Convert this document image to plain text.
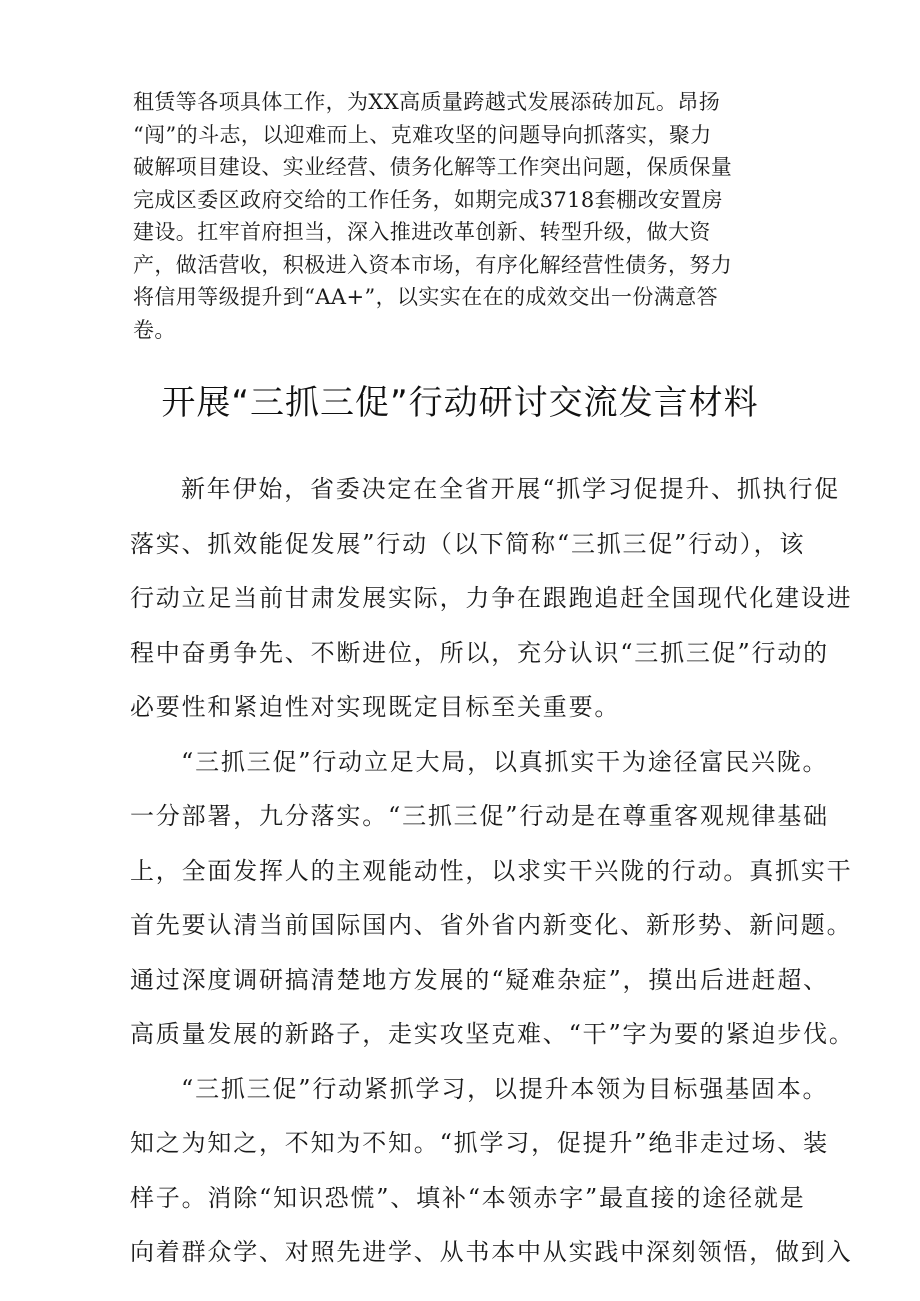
租赁等各项具体工作，为XX高质量跨越式发展添砖加瓦。昂扬
“闯”的斗志，以迎难而上、克难攻坚的问题导向抓落实，聚力
破解项目建设、实业经营、债务化解等工作突出问题，保质保量
完成区委区政府交给的工作任务，如期完成3718套棚改安置房
建设。扛牢首府担当，深入推进改革创新、转型升级，做大资
产，做活营收，积极进入资本市场，有序化解经营性债务，努力
将信用等级提升到“AA+”，以实实在在的成效交出一份满意答
卷。
开展“三抓三促”行动研讨交流发言材料
新年伊始，省委决定在全省开展“抓学习促提升、抓执行促
落实、抓效能促发展”行动（以下简称“三抓三促”行动），该
行动立足当前甘肃发展实际，力争在跟跑追赶全国现代化建设进
程中奋勇争先、不断进位，所以，充分认识“三抓三促”行动的
必要性和紧迫性对实现既定目标至关重要。
“三抓三促”行动立足大局，以真抓实干为途径富民兴陇。
一分部署，九分落实。“三抓三促”行动是在尊重客观规律基础
上，全面发挥人的主观能动性，以求实干兴陇的行动。真抓实干
首先要认清当前国际国内、省外省内新变化、新形势、新问题。
通过深度调研搞清楚地方发展的“疑难杂症”，摸出后进赶超、
高质量发展的新路子，走实攻坚克难、“干”字为要的紧迫步伐。
“三抓三促”行动紧抓学习，以提升本领为目标强基固本。
知之为知之，不知为不知。“抓学习，促提升”绝非走过场、装
样子。消除“知识恐慌”、填补“本领赤字”最直接的途径就是
向着群众学、对照先进学、从书本中从实践中深刻领悟，做到入
